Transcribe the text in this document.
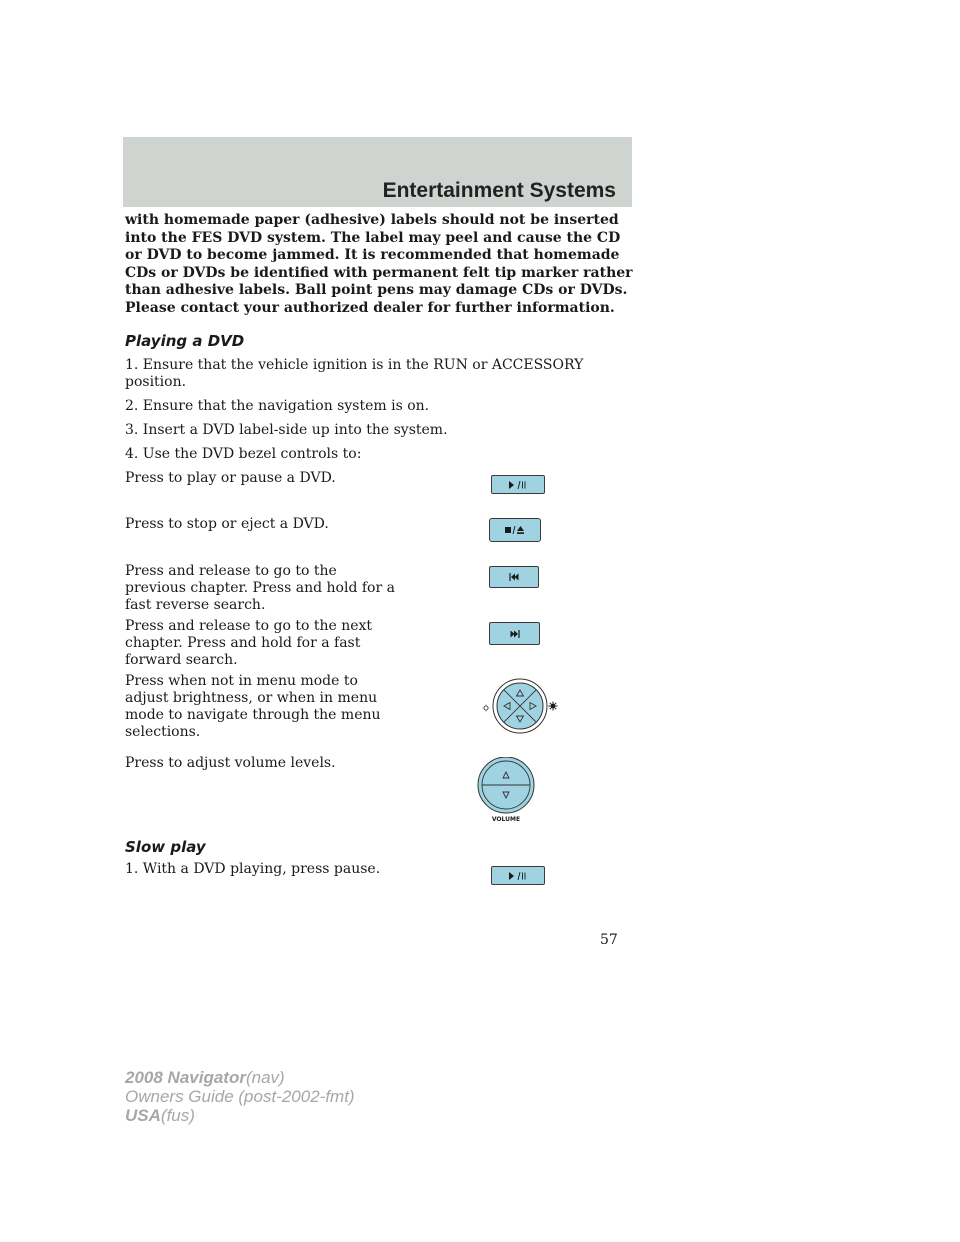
Entertainment Systems

with homemade paper (adhesive) labels should not be inserted into the FES DVD system. The label may peel and cause the CD or DVD to become jammed. It is recommended that homemade CDs or DVDs be identified with permanent felt tip marker rather than adhesive labels. Ball point pens may damage CDs or DVDs. Please contact your authorized dealer for further information.

Playing a DVD

1. Ensure that the vehicle ignition is in the RUN or ACCESSORY position.

2. Ensure that the navigation system is on.

3. Insert a DVD label-side up into the system.

4. Use the DVD bezel controls to:

Press to play or pause a DVD.

Press to stop or eject a DVD.

Press and release to go to the previous chapter. Press and hold for a fast reverse search.

Press and release to go to the next chapter. Press and hold for a fast forward search.

Press when not in menu mode to adjust brightness, or when in menu mode to navigate through the menu selections.

Press to adjust volume levels.

VOLUME
Slow play

1. With a DVD playing, press pause.

57

2008 Navigator(nav)
Owners Guide (post-2002-fmt)
USA(fus)
